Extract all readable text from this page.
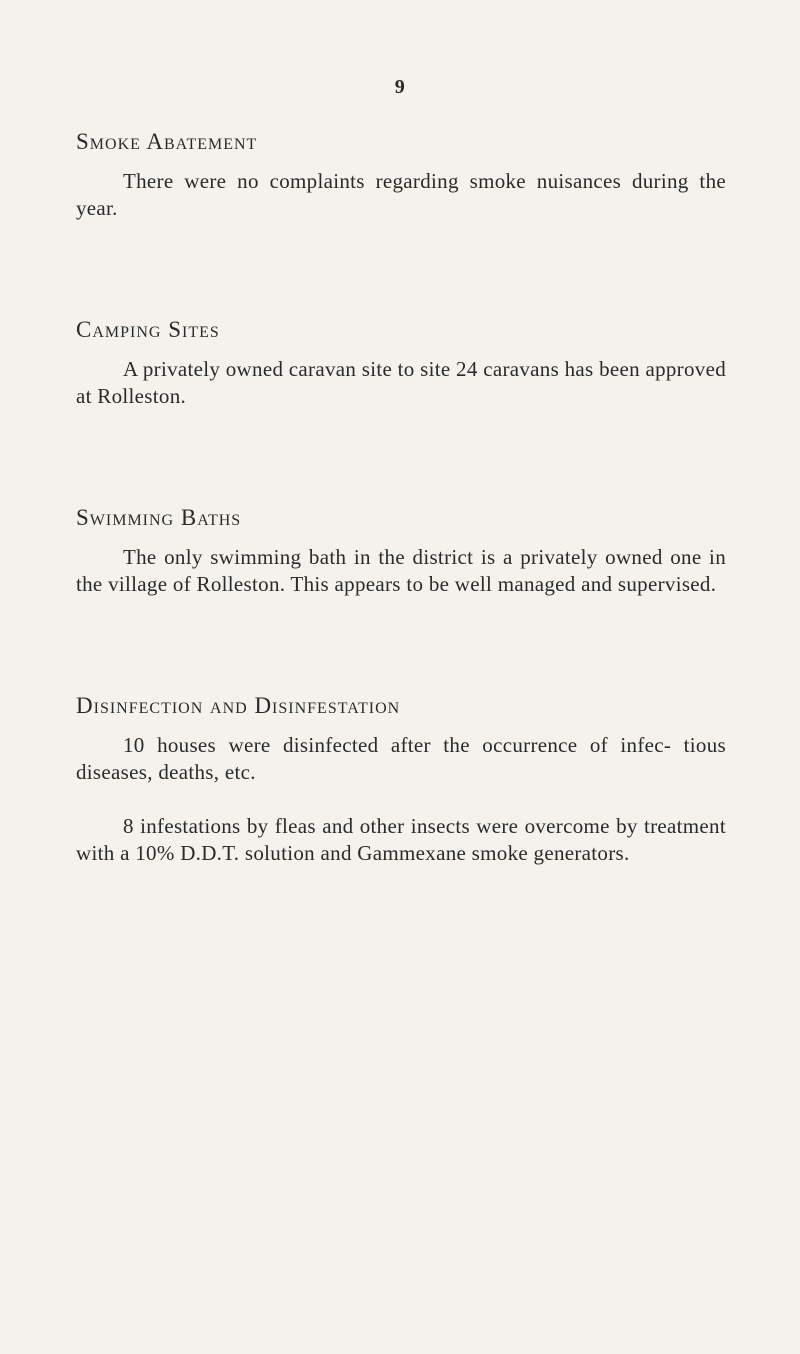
9
Smoke Abatement

There were no complaints regarding smoke nuisances during the year.

Camping Sites

A privately owned caravan site to site 24 caravans has been approved at Rolleston.

Swimming Baths

The only swimming bath in the district is a privately owned one in the village of Rolleston. This appears to be well managed and supervised.

Disinfection and Disinfestation

10 houses were disinfected after the occurrence of infec- tious diseases, deaths, etc.

8 infestations by fleas and other insects were overcome by treatment with a 10% D.D.T. solution and Gammexane smoke generators.
